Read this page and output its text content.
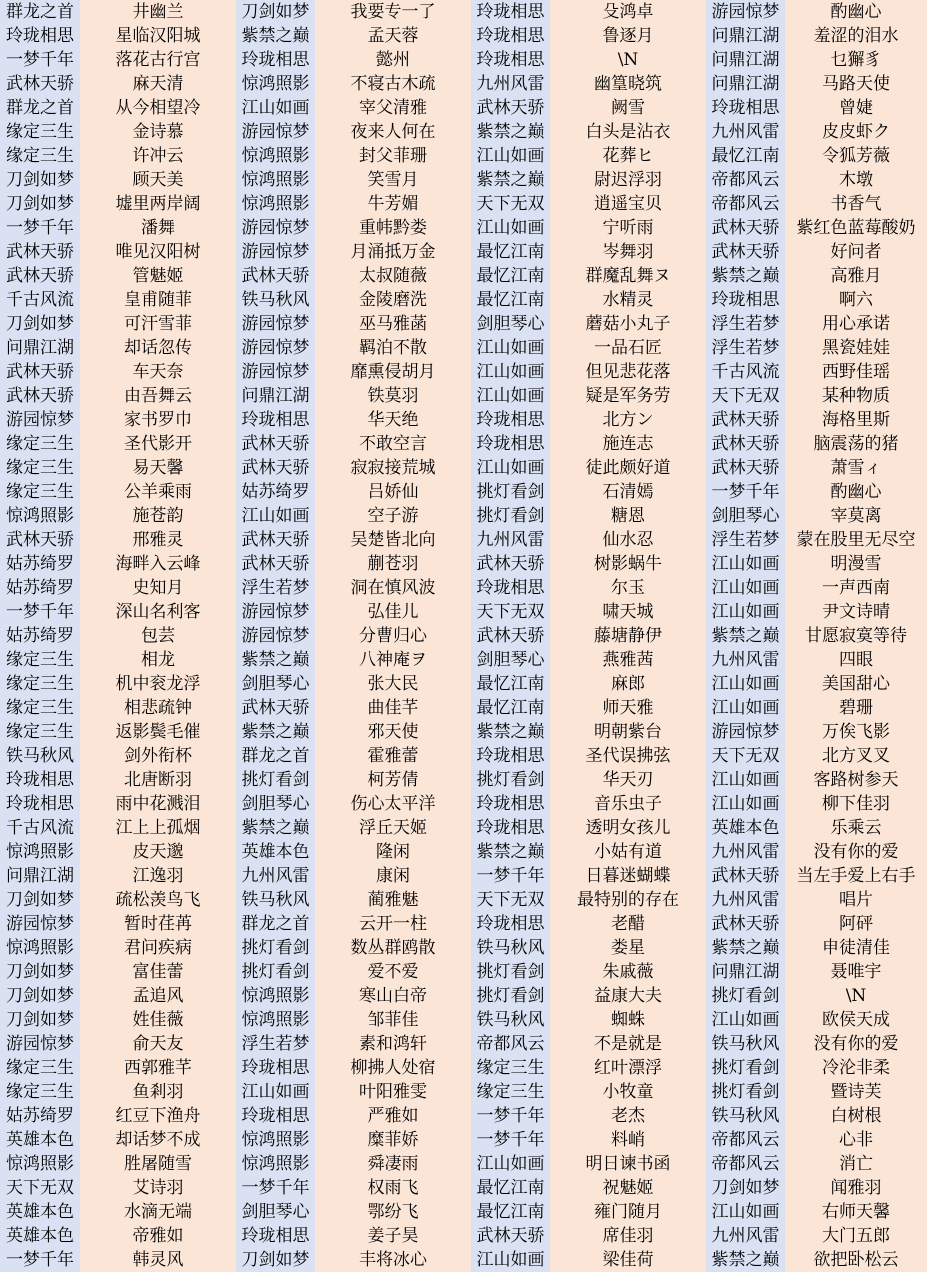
群龙之首	井幽兰	刀剑如梦	我要专一了	玲珑相思	殳鸿卓	游园惊梦	酌幽心
玲珑相思	星临汉阳城	紫禁之巅	孟天蓉	玲珑相思	鲁逐月	问鼎江湖	羞涩的泪水
一梦千年	落花古行宫	玲珑相思	懿州	玲珑相思	\N	问鼎江湖	乜獬豸
武林天骄	麻天清	惊鸿照影	不寝古木疏	九州风雷	幽篁晓筑	问鼎江湖	马路天使
群龙之首	从今相望冷	江山如画	宰父清雅	武林天骄	阙雪	玲珑相思	曾婕
缘定三生	金诗慕	游园惊梦	夜来人何在	紫禁之巅	白头是沾衣	九州风雷	皮皮虾ク
缘定三生	许冲云	惊鸿照影	封父菲珊	江山如画	花葬ヒ	最忆江南	令狐芳薇
刀剑如梦	顾天美	惊鸿照影	笑雪月	紫禁之巅	尉迟浮羽	帝都风云	木墩
刀剑如梦	墟里两岸阔	惊鸿照影	牛芳媚	天下无双	逍遥宝贝	帝都风云	书香气
一梦千年	潘舞	游园惊梦	重帏黔娄	江山如画	宁听雨	武林天骄	紫红色蓝莓酸奶
武林天骄	唯见汉阳树	游园惊梦	月涌抵万金	最忆江南	岑舞羽	武林天骄	好问者
武林天骄	管魅姬	武林天骄	太叔随薇	最忆江南	群魔乱舞ヌ	紫禁之巅	高雅月
千古风流	皇甫随菲	铁马秋风	金陵磨洗	最忆江南	水精灵	玲珑相思	啊六
刀剑如梦	可汗雪菲	游园惊梦	巫马雅菡	剑胆琴心	蘑菇小丸子	浮生若梦	用心承诺
问鼎江湖	却话忽传	游园惊梦	羁泊不散	江山如画	一品石匠	浮生若梦	黑瓷娃娃
武林天骄	车天奈	游园惊梦	靡熏侵胡月	江山如画	但见悲花落	千古风流	西野佳瑶
武林天骄	由吾舞云	问鼎江湖	铁莫羽	江山如画	疑是军务劳	天下无双	某种物质
游园惊梦	家书罗巾	玲珑相思	华天绝	玲珑相思	北方ン	武林天骄	海格里斯
缘定三生	圣代影开	武林天骄	不敢空言	玲珑相思	施连志	武林天骄	脑震荡的猪
缘定三生	易天馨	武林天骄	寂寂接荒城	江山如画	徒此颇好道	武林天骄	萧雪ィ
缘定三生	公羊乘雨	姑苏绮罗	吕娇仙	挑灯看剑	石清嫣	一梦千年	酌幽心
惊鸿照影	施苍韵	江山如画	空子游	挑灯看剑	糖恩	剑胆琴心	宰莫离
武林天骄	邢雅灵	武林天骄	吴楚皆北向	九州风雷	仙水忍	浮生若梦	蒙在股里无尽空
姑苏绮罗	海畔入云峰	武林天骄	蒯苍羽	武林天骄	树影蜗牛	江山如画	明漫雪
姑苏绮罗	史知月	浮生若梦	洞在慎风波	玲珑相思	尔玉	江山如画	一声西南
一梦千年	深山名利客	游园惊梦	弘佳儿	天下无双	啸天城	江山如画	尹文诗晴
姑苏绮罗	包芸	游园惊梦	分曹归心	武林天骄	藤塘静伊	紫禁之巅	甘愿寂寞等待
缘定三生	相龙	紫禁之巅	八神庵ヲ	剑胆琴心	燕雅茜	九州风雷	四眼
缘定三生	机中衮龙浮	剑胆琴心	张大民	最忆江南	麻郎	江山如画	美国甜心
缘定三生	相悲疏钟	武林天骄	曲佳芊	最忆江南	师天雅	江山如画	碧珊
缘定三生	返影鬓毛催	紫禁之巅	邪天使	紫禁之巅	明朝紫台	游园惊梦	万俟飞影
铁马秋风	剑外衔杯	群龙之首	霍雅蕾	玲珑相思	圣代误拂弦	天下无双	北方叉叉
玲珑相思	北唐断羽	挑灯看剑	柯芳倩	挑灯看剑	华天刃	江山如画	客路树参天
玲珑相思	雨中花溅泪	剑胆琴心	伤心太平洋	玲珑相思	音乐虫子	江山如画	柳下佳羽
千古风流	江上上孤烟	紫禁之巅	浮丘天姬	玲珑相思	透明女孩儿	英雄本色	乐乘云
惊鸿照影	皮天邈	英雄本色	隆闲	紫禁之巅	小姑有道	九州风雷	没有你的爱
问鼎江湖	江逸羽	九州风雷	康闲	一梦千年	日暮迷蝴蝶	武林天骄	当左手爱上右手
刀剑如梦	疏松羡鸟飞	铁马秋风	蔺雅魅	天下无双	最特别的存在	九州风雷	唱片
游园惊梦	暂时荏苒	群龙之首	云开一柱	玲珑相思	老醋	武林天骄	阿砰
惊鸿照影	君问疾病	挑灯看剑	数丛群鸥散	铁马秋风	娄星	紫禁之巅	申徒清佳
刀剑如梦	富佳蕾	挑灯看剑	爱不爱	挑灯看剑	朱戚薇	问鼎江湖	聂唯宇
刀剑如梦	孟追风	惊鸿照影	寒山白帝	挑灯看剑	益康大夫	挑灯看剑	\N
刀剑如梦	姓佳薇	惊鸿照影	邹菲佳	铁马秋风	蜘蛛	江山如画	欧侯天成
游园惊梦	俞天友	浮生若梦	素和鸿轩	帝都风云	不是就是	铁马秋风	没有你的爱
缘定三生	西郭雅芊	玲珑相思	柳拂人处宿	缘定三生	红叶漂浮	挑灯看剑	冷沦非柔
缘定三生	鱼剎羽	江山如画	叶阳雅雯	缘定三生	小牧童	挑灯看剑	暨诗芙
姑苏绮罗	红豆下渔舟	玲珑相思	严雅如	一梦千年	老杰	铁马秋风	白树根
英雄本色	却话梦不成	惊鸿照影	糜菲娇	一梦千年	料峭	帝都风云	心非
惊鸿照影	胜屠随雪	惊鸿照影	舜凄雨	江山如画	明日谏书函	帝都风云	消亡
天下无双	艾诗羽	一梦千年	权雨飞	最忆江南	祝魅姬	刀剑如梦	闻雅羽
英雄本色	水滴无端	剑胆琴心	鄂纷飞	最忆江南	雍门随月	江山如画	右师天馨
英雄本色	帝雅如	玲珑相思	姜子昊	武林天骄	席佳羽	九州风雷	大门五郎
一梦千年	韩灵风	刀剑如梦	丰将冰心	江山如画	梁佳荷	紫禁之巅	欲把卧松云
